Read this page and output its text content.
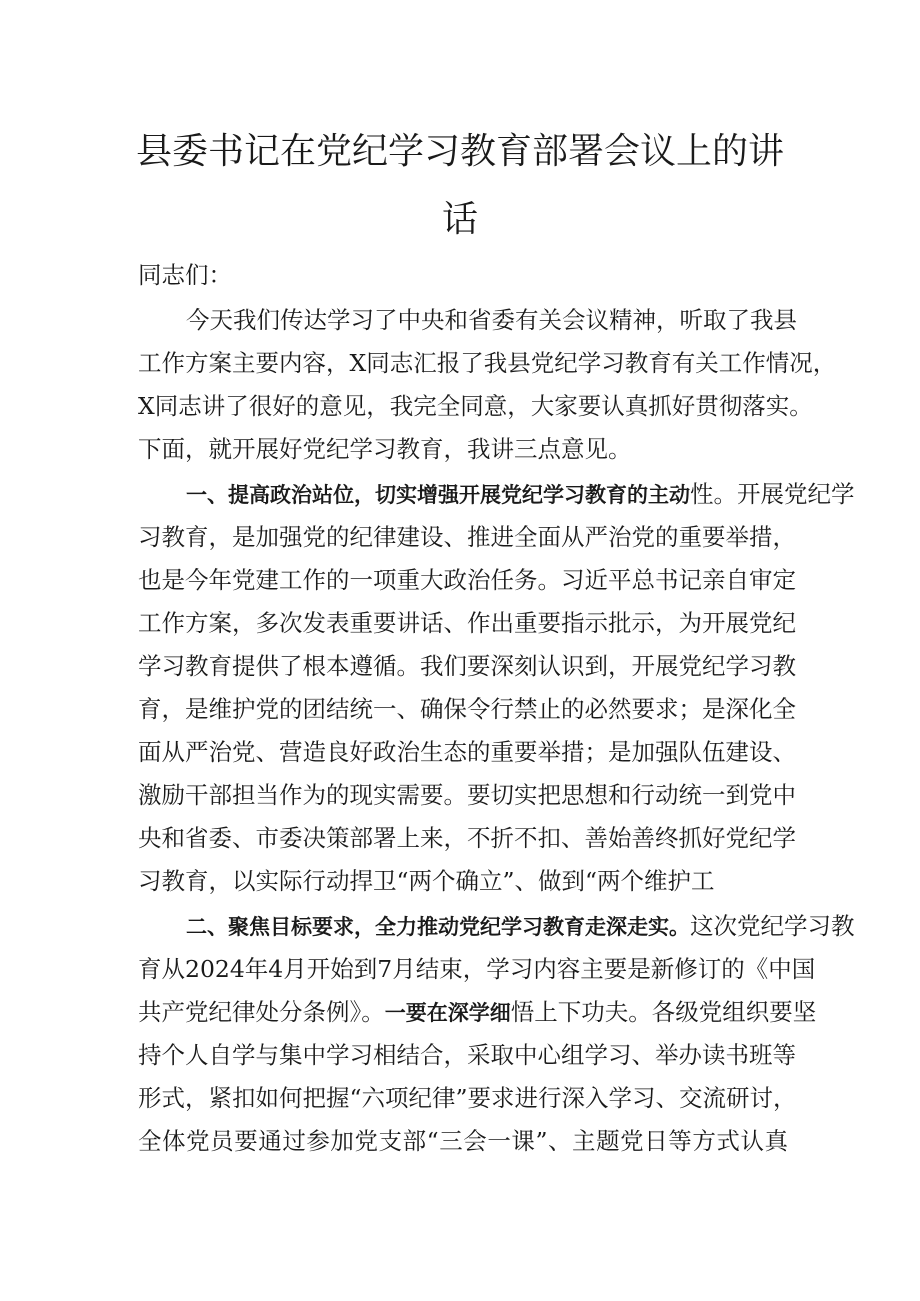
县委书记在党纪学习教育部署会议上的讲
话
同志们：
今天我们传达学习了中央和省委有关会议精神，听取了我县
工作方案主要内容，X同志汇报了我县党纪学习教育有关工作情况，
X同志讲了很好的意见，我完全同意，大家要认真抓好贯彻落实。
下面，就开展好党纪学习教育，我讲三点意见。
一、提高政治站位，切实增强开展党纪学习教育的主动性。开展党纪学
习教育，是加强党的纪律建设、推进全面从严治党的重要举措，
也是今年党建工作的一项重大政治任务。习近平总书记亲自审定
工作方案，多次发表重要讲话、作出重要指示批示，为开展党纪
学习教育提供了根本遵循。我们要深刻认识到，开展党纪学习教
育，是维护党的团结统一、确保令行禁止的必然要求；是深化全
面从严治党、营造良好政治生态的重要举措；是加强队伍建设、
激励干部担当作为的现实需要。要切实把思想和行动统一到党中
央和省委、市委决策部署上来，不折不扣、善始善终抓好党纪学
习教育，以实际行动捍卫“两个确立”、做到“两个维护工
二、聚焦目标要求，全力推动党纪学习教育走深走实。这次党纪学习教
育从2024年4月开始到7月结束，学习内容主要是新修订的《中国
共产党纪律处分条例》。一要在深学细悟上下功夫。各级党组织要坚
持个人自学与集中学习相结合，采取中心组学习、举办读书班等
形式，紧扣如何把握“六项纪律”要求进行深入学习、交流研讨，
全体党员要通过参加党支部“三会一课”、主题党日等方式认真
